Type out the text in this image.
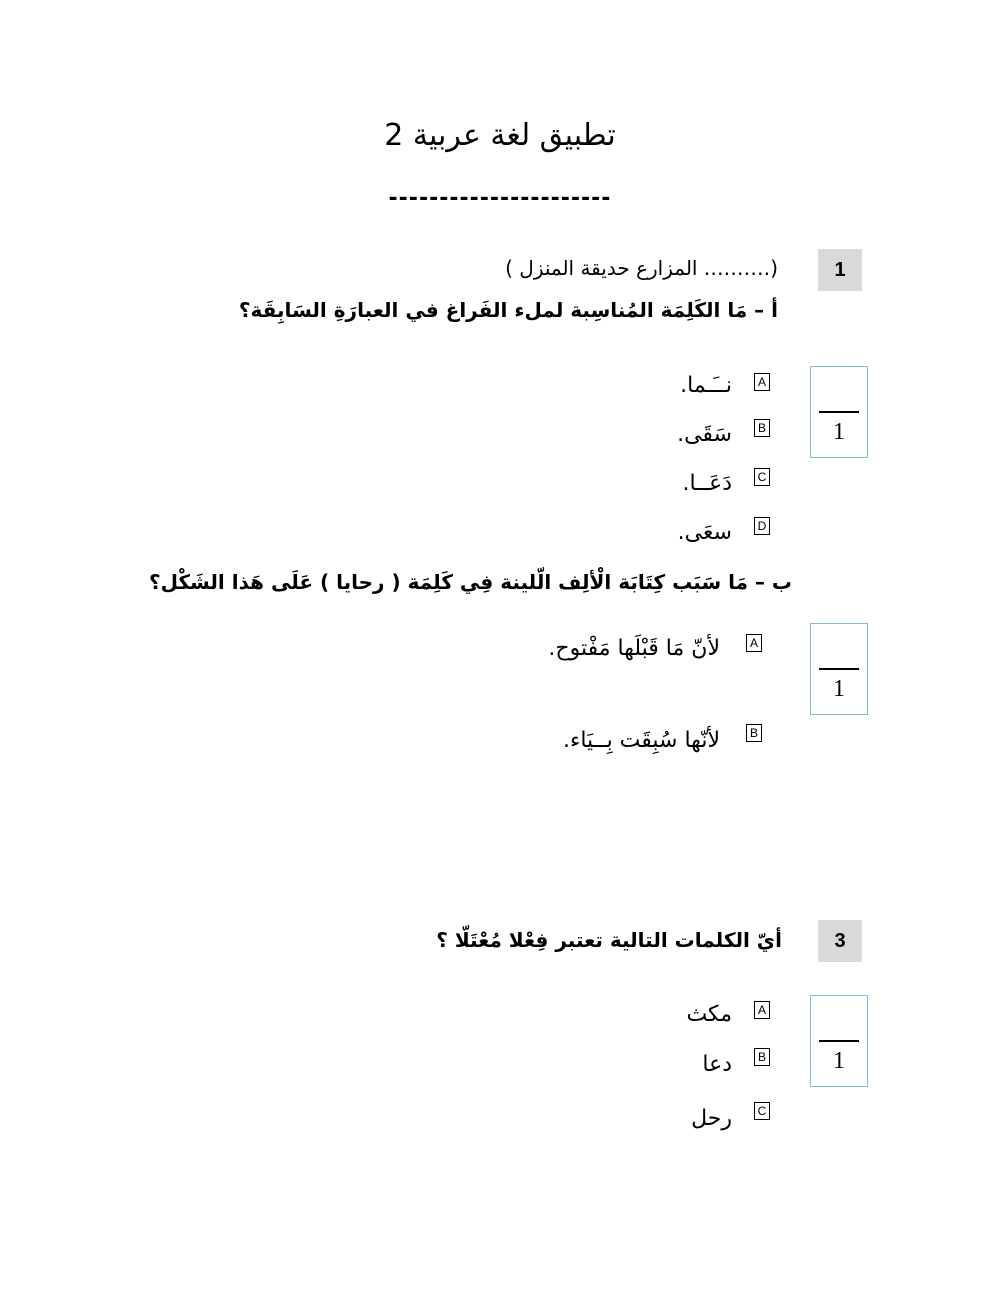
تطبيق لغة عربية 2
----------------------
1
(………. المزارع حديقة المنزل )
أ – مَا الكَلِمَة المُناسِبة لملء الفَراغ في العبارَةِ السَابِقَة؟
A
نــَـما.
B
سَقَى.
C
دَعَــا.
D
سعَى.
1
ب – مَا سَبَب كِتَابَة الْألِف الّلينة فِي كَلِمَة ( رحايا ) عَلَى هَذا الشَكْل؟
A
لأنّ مَا قَبْلَها مَفْتوح.
B
لأنّها سُبِقَت بِــيَاء.
1
3
أيّ الكلمات التالية تعتبر فِعْلا مُعْتَلّا ؟
A
مكث
B
دعا
C
رحل
1
